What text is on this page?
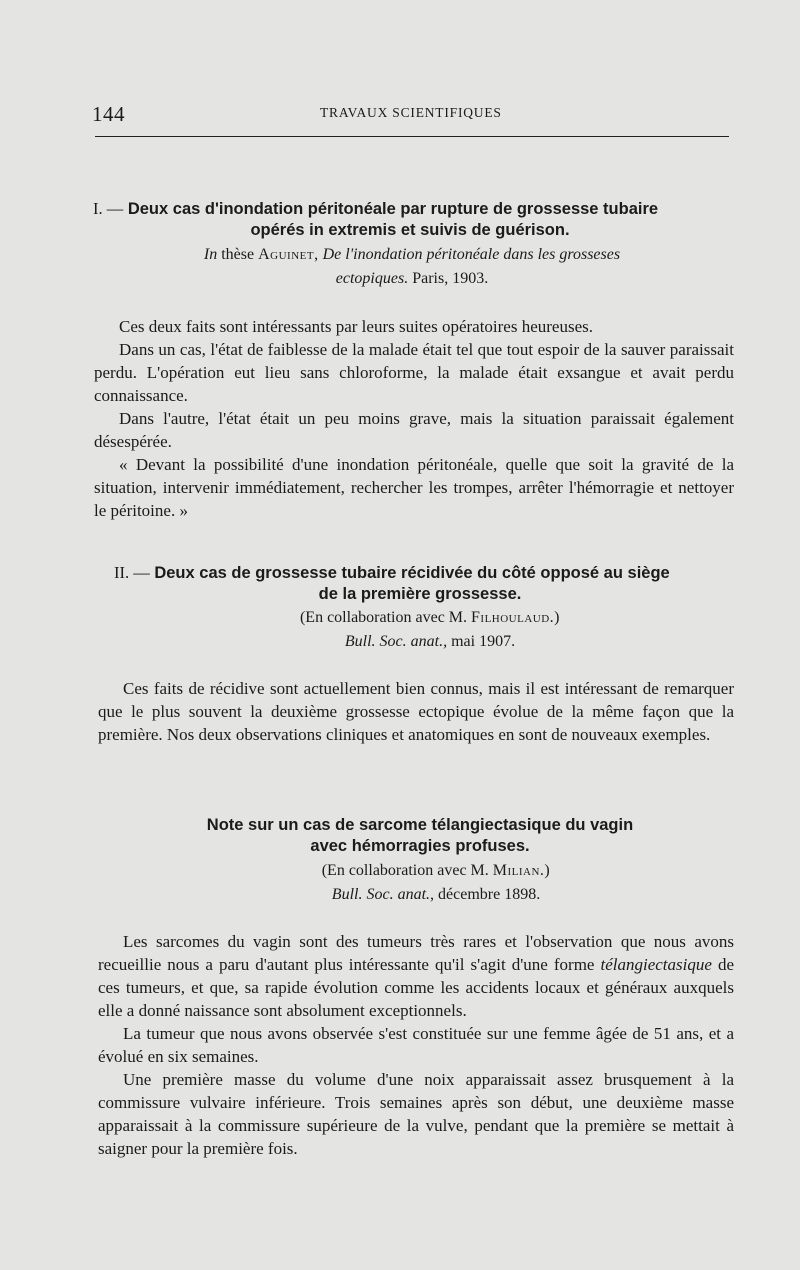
144	TRAVAUX SCIENTIFIQUES
I. — Deux cas d'inondation péritonéale par rupture de grossesse tubaire
opérés in extremis et suivis de guérison.
In thèse Aguinet, De l'inondation péritonéale dans les grosseses
ectopiques. Paris, 1903.

Ces deux faits sont intéressants par leurs suites opératoires heureuses.

Dans un cas, l'état de faiblesse de la malade était tel que tout espoir de la sauver paraissait perdu. L'opération eut lieu sans chloroforme, la malade était exsangue et avait perdu connaissance.

Dans l'autre, l'état était un peu moins grave, mais la situation paraissait également désespérée.

« Devant la possibilité d'une inondation péritonéale, quelle que soit la gravité de la situation, intervenir immédiatement, rechercher les trompes, arrêter l'hémorragie et nettoyer le péritoine. »

II. — Deux cas de grossesse tubaire récidivée du côté opposé au siège
de la première grossesse.
(En collaboration avec M. Filhoulaud.)
Bull. Soc. anat., mai 1907.

Ces faits de récidive sont actuellement bien connus, mais il est intéressant de remarquer que le plus souvent la deuxième grossesse ectopique évolue de la même façon que la première. Nos deux observations cliniques et anatomiques en sont de nouveaux exemples.

Note sur un cas de sarcome télangiectasique du vagin
avec hémorragies profuses.
(En collaboration avec M. Milian.)
Bull. Soc. anat., décembre 1898.

Les sarcomes du vagin sont des tumeurs très rares et l'observation que nous avons recueillie nous a paru d'autant plus intéressante qu'il s'agit d'une forme télangiectasique de ces tumeurs, et que, sa rapide évolution comme les accidents locaux et généraux auxquels elle a donné naissance sont absolument exceptionnels.

La tumeur que nous avons observée s'est constituée sur une femme âgée de 51 ans, et a évolué en six semaines.

Une première masse du volume d'une noix apparaissait assez brusquement à la commissure vulvaire inférieure. Trois semaines après son début, une deuxième masse apparaissait à la commissure supérieure de la vulve, pendant que la première se mettait à saigner pour la première fois.
